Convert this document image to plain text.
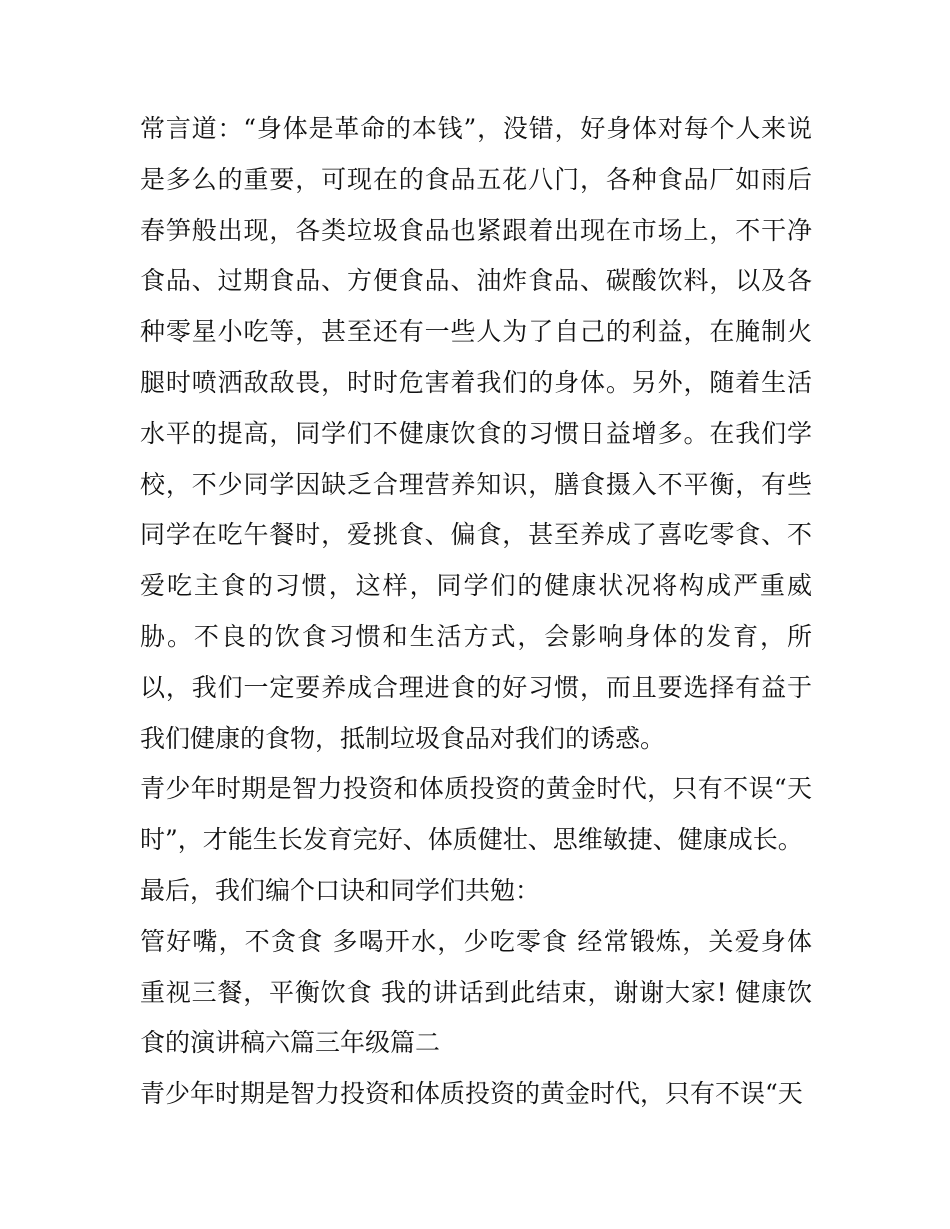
常言道：“身体是革命的本钱”，没错，好身体对每个人来说是多么的重要，可现在的食品五花八门，各种食品厂如雨后春笋般出现，各类垃圾食品也紧跟着出现在市场上，不干净食品、过期食品、方便食品、油炸食品、碳酸饮料，以及各种零星小吃等，甚至还有一些人为了自己的利益，在腌制火腿时喷洒敌敌畏，时时危害着我们的身体。另外，随着生活水平的提高，同学们不健康饮食的习惯日益增多。在我们学校，不少同学因缺乏合理营养知识，膳食摄入不平衡，有些同学在吃午餐时，爱挑食、偏食，甚至养成了喜吃零食、不爱吃主食的习惯，这样，同学们的健康状况将构成严重威胁。不良的饮食习惯和生活方式，会影响身体的发育，所以，我们一定要养成合理进食的好习惯，而且要选择有益于我们健康的食物，抵制垃圾食品对我们的诱惑。

青少年时期是智力投资和体质投资的黄金时代，只有不误“天时”，才能生长发育完好、体质健壮、思维敏捷、健康成长。

最后，我们编个口诀和同学们共勉：

管好嘴，不贪食 多喝开水，少吃零食 经常锻炼，关爱身体 重视三餐，平衡饮食 我的讲话到此结束，谢谢大家! 健康饮食的演讲稿六篇三年级篇二

青少年时期是智力投资和体质投资的黄金时代，只有不误“天
